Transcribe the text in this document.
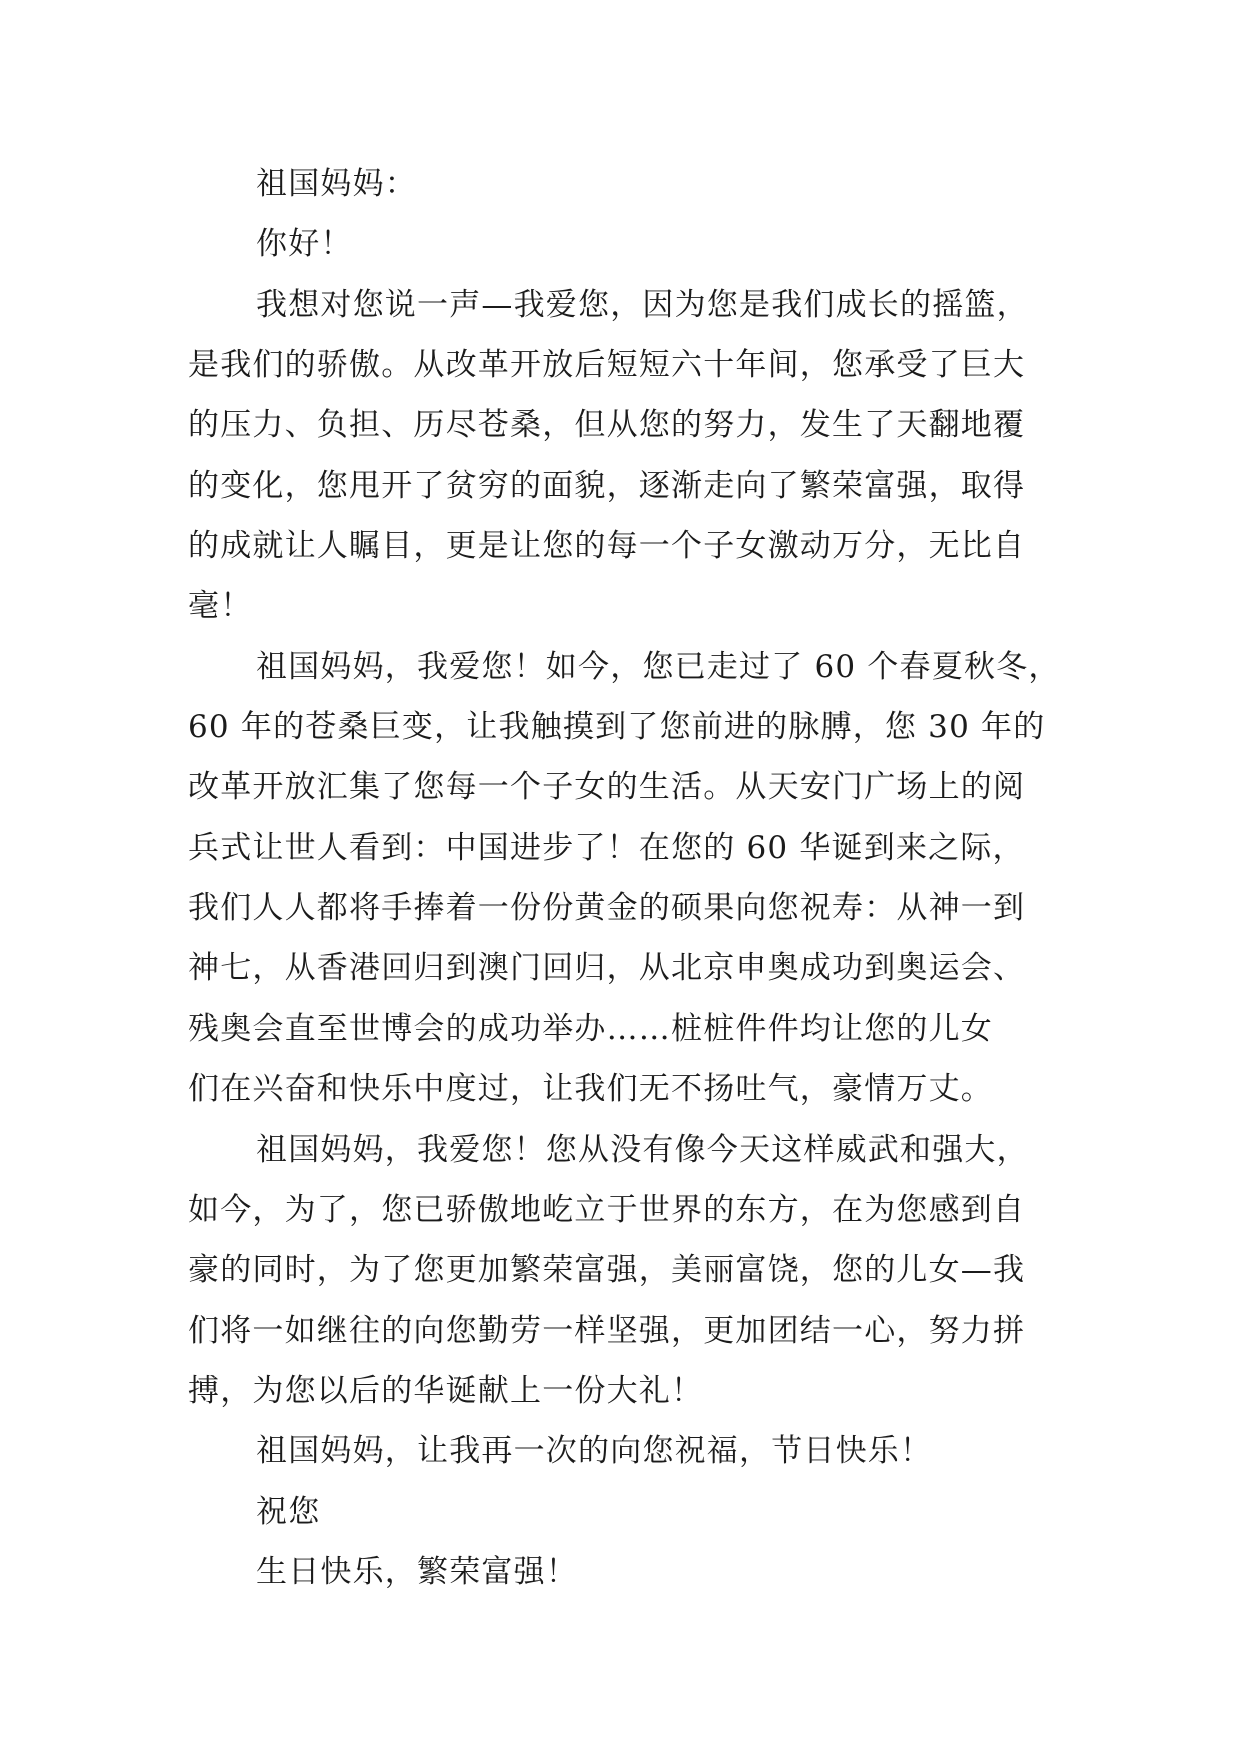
祖国妈妈：

你好！

我想对您说一声—我爱您，因为您是我们成长的摇篮，

是我们的骄傲。从改革开放后短短六十年间，您承受了巨大

的压力、负担、历尽苍桑，但从您的努力，发生了天翻地覆

的变化，您甩开了贫穷的面貌，逐渐走向了繁荣富强，取得

的成就让人瞩目，更是让您的每一个子女激动万分，无比自

毫！

祖国妈妈，我爱您！如今，您已走过了 60 个春夏秋冬，

60 年的苍桑巨变，让我触摸到了您前进的脉膊，您 30 年的

改革开放汇集了您每一个子女的生活。从天安门广场上的阅

兵式让世人看到：中国进步了！在您的 60 华诞到来之际，

我们人人都将手捧着一份份黄金的硕果向您祝寿：从神一到

神七，从香港回归到澳门回归，从北京申奥成功到奥运会、

残奥会直至世博会的成功举办……桩桩件件均让您的儿女

们在兴奋和快乐中度过，让我们无不扬吐气，豪情万丈。

祖国妈妈，我爱您！您从没有像今天这样威武和强大，

如今，为了，您已骄傲地屹立于世界的东方，在为您感到自

豪的同时，为了您更加繁荣富强，美丽富饶，您的儿女—我

们将一如继往的向您勤劳一样坚强，更加团结一心，努力拼

搏，为您以后的华诞献上一份大礼！

祖国妈妈，让我再一次的向您祝福，节日快乐！

祝您

生日快乐，繁荣富强！
